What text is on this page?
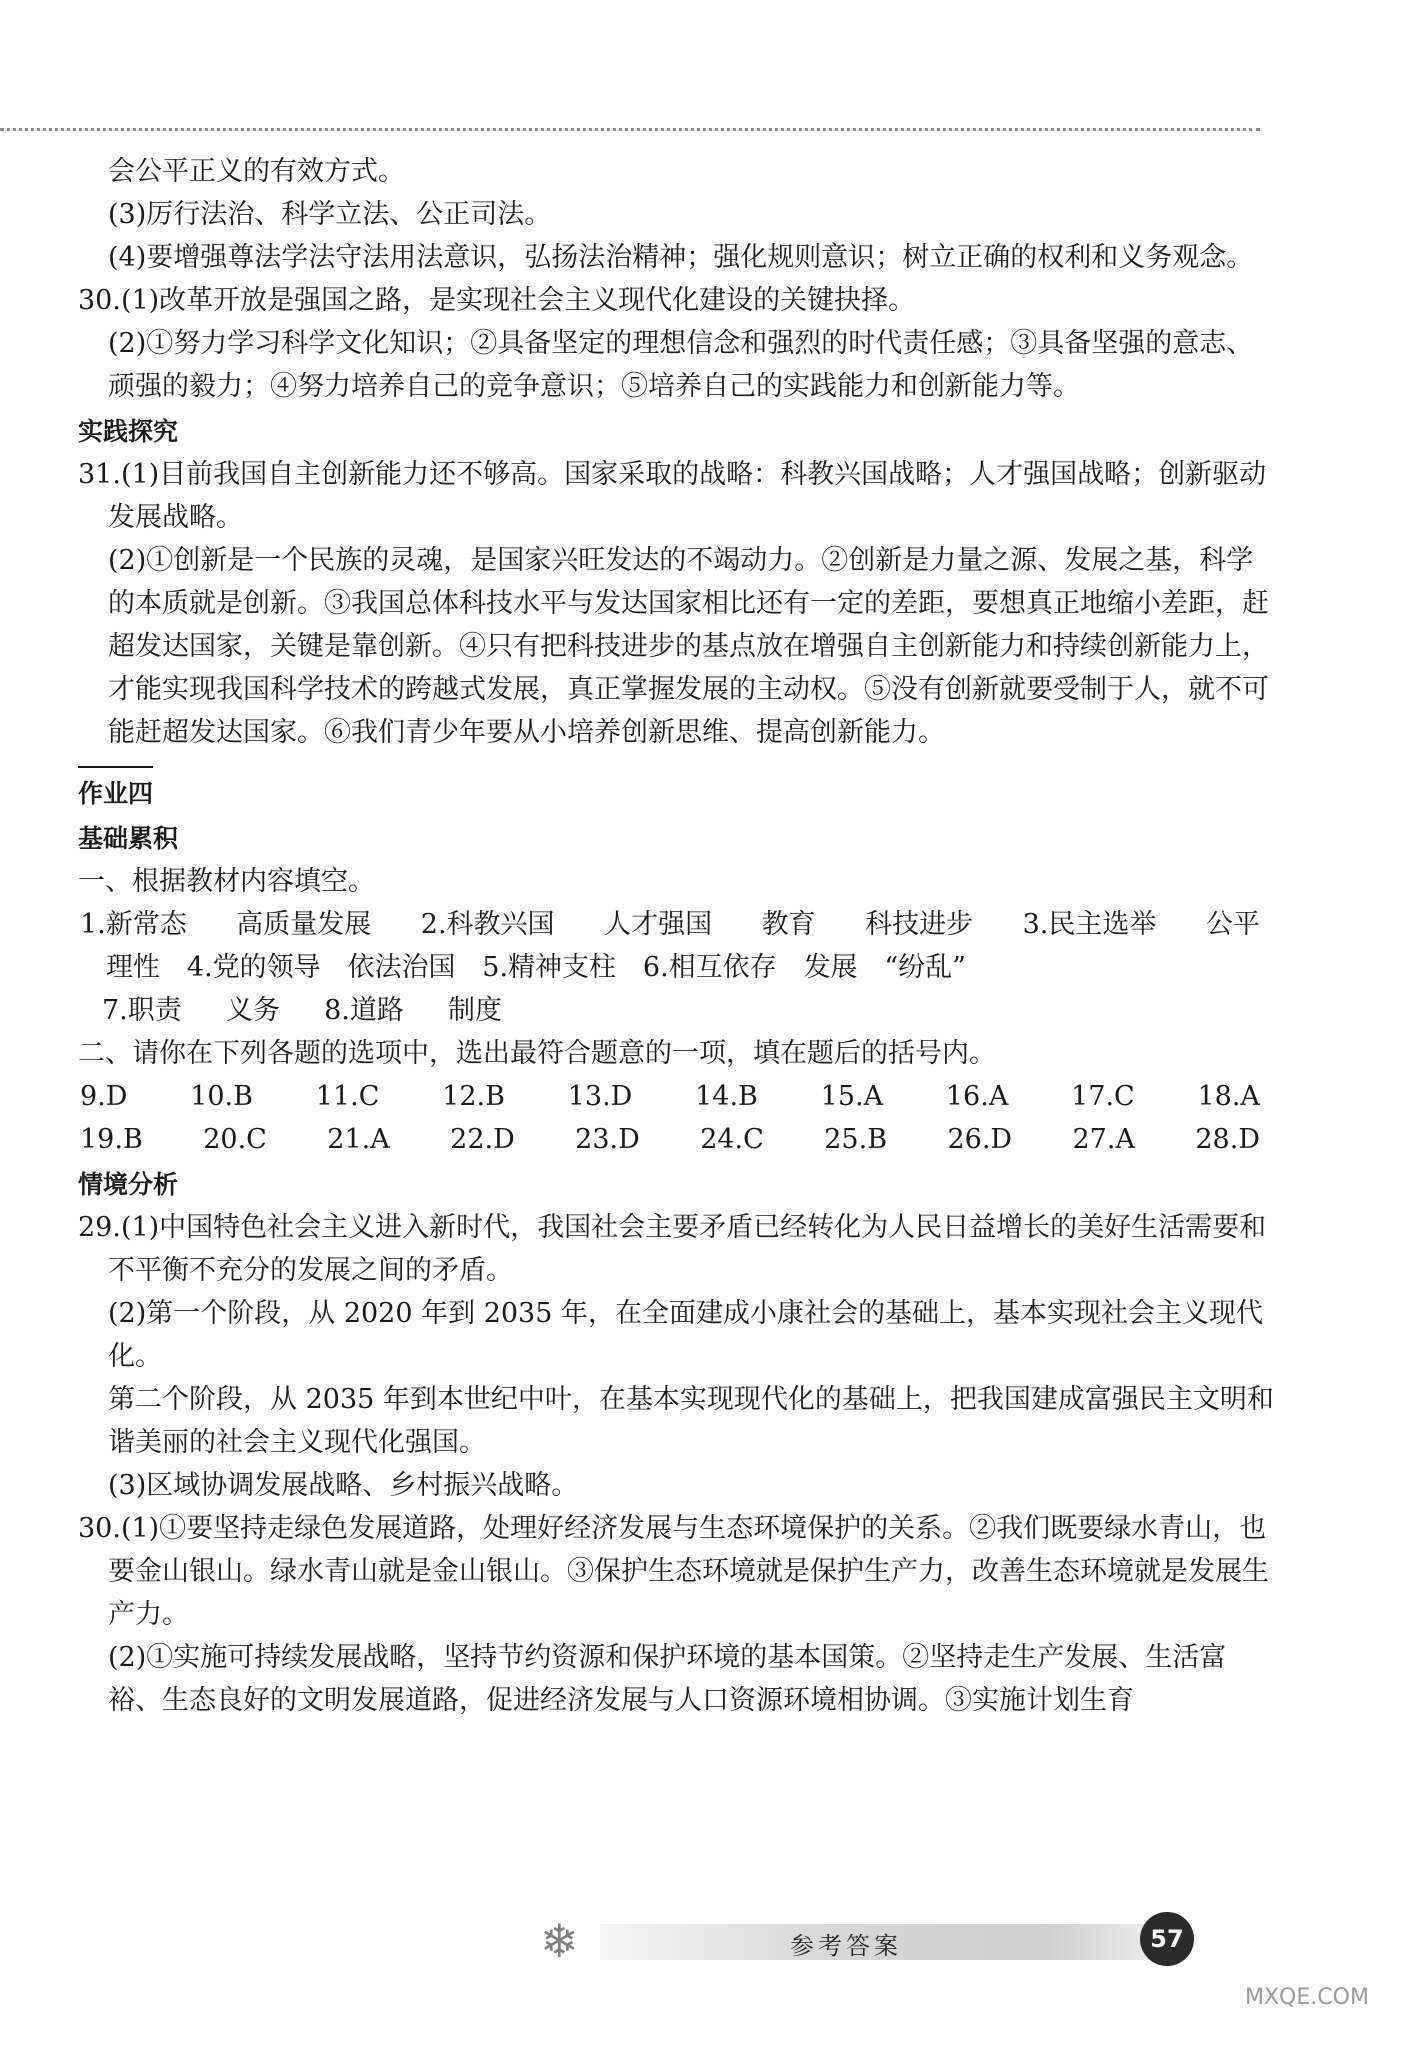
会公平正义的有效方式。

(3)厉行法治、科学立法、公正司法。

(4)要增强尊法学法守法用法意识，弘扬法治精神；强化规则意识；树立正确的权利和义务观念。

30.(1)改革开放是强国之路，是实现社会主义现代化建设的关键抉择。

(2)①努力学习科学文化知识；②具备坚定的理想信念和强烈的时代责任感；③具备坚强的意志、顽强的毅力；④努力培养自己的竞争意识；⑤培养自己的实践能力和创新能力等。

实践探究

31.(1)目前我国自主创新能力还不够高。国家采取的战略：科教兴国战略；人才强国战略；创新驱动发展战略。

(2)①创新是一个民族的灵魂，是国家兴旺发达的不竭动力。②创新是力量之源、发展之基，科学的本质就是创新。③我国总体科技水平与发达国家相比还有一定的差距，要想真正地缩小差距，赶超发达国家，关键是靠创新。④只有把科技进步的基点放在增强自主创新能力和持续创新能力上，才能实现我国科学技术的跨越式发展，真正掌握发展的主动权。⑤没有创新就要受制于人，就不可能赶超发达国家。⑥我们青少年要从小培养创新思维、提高创新能力。

作业四

基础累积

一、根据教材内容填空。

1.新常态 高质量发展 2.科教兴国 人才强国 教育 科技进步 3.民主选举 公平
理性 4.党的领导 依法治国 5.精神支柱 6.相互依存 发展 “纷乱”
7.职责 义务 8.道路 制度

二、请你在下列各题的选项中，选出最符合题意的一项，填在题后的括号内。

9.D 10.B 11.C 12.B 13.D 14.B 15.A 16.A 17.C 18.A
19.B 20.C 21.A 22.D 23.D 24.C 25.B 26.D 27.A 28.D

情境分析

29.(1)中国特色社会主义进入新时代，我国社会主要矛盾已经转化为人民日益增长的美好生活需要和不平衡不充分的发展之间的矛盾。

(2)第一个阶段，从 2020 年到 2035 年，在全面建成小康社会的基础上，基本实现社会主义现代化。

第二个阶段，从 2035 年到本世纪中叶，在基本实现现代化的基础上，把我国建成富强民主文明和谐美丽的社会主义现代化强国。

(3)区域协调发展战略、乡村振兴战略。

30.(1)①要坚持走绿色发展道路，处理好经济发展与生态环境保护的关系。②我们既要绿水青山，也要金山银山。绿水青山就是金山银山。③保护生态环境就是保护生产力，改善生态环境就是发展生产力。

(2)①实施可持续发展战略，坚持节约资源和保护环境的基本国策。②坚持走生产发展、生活富裕、生态良好的文明发展道路，促进经济发展与人口资源环境相协调。③实施计划生育

❄	参考答案	57
MXQE.COM
